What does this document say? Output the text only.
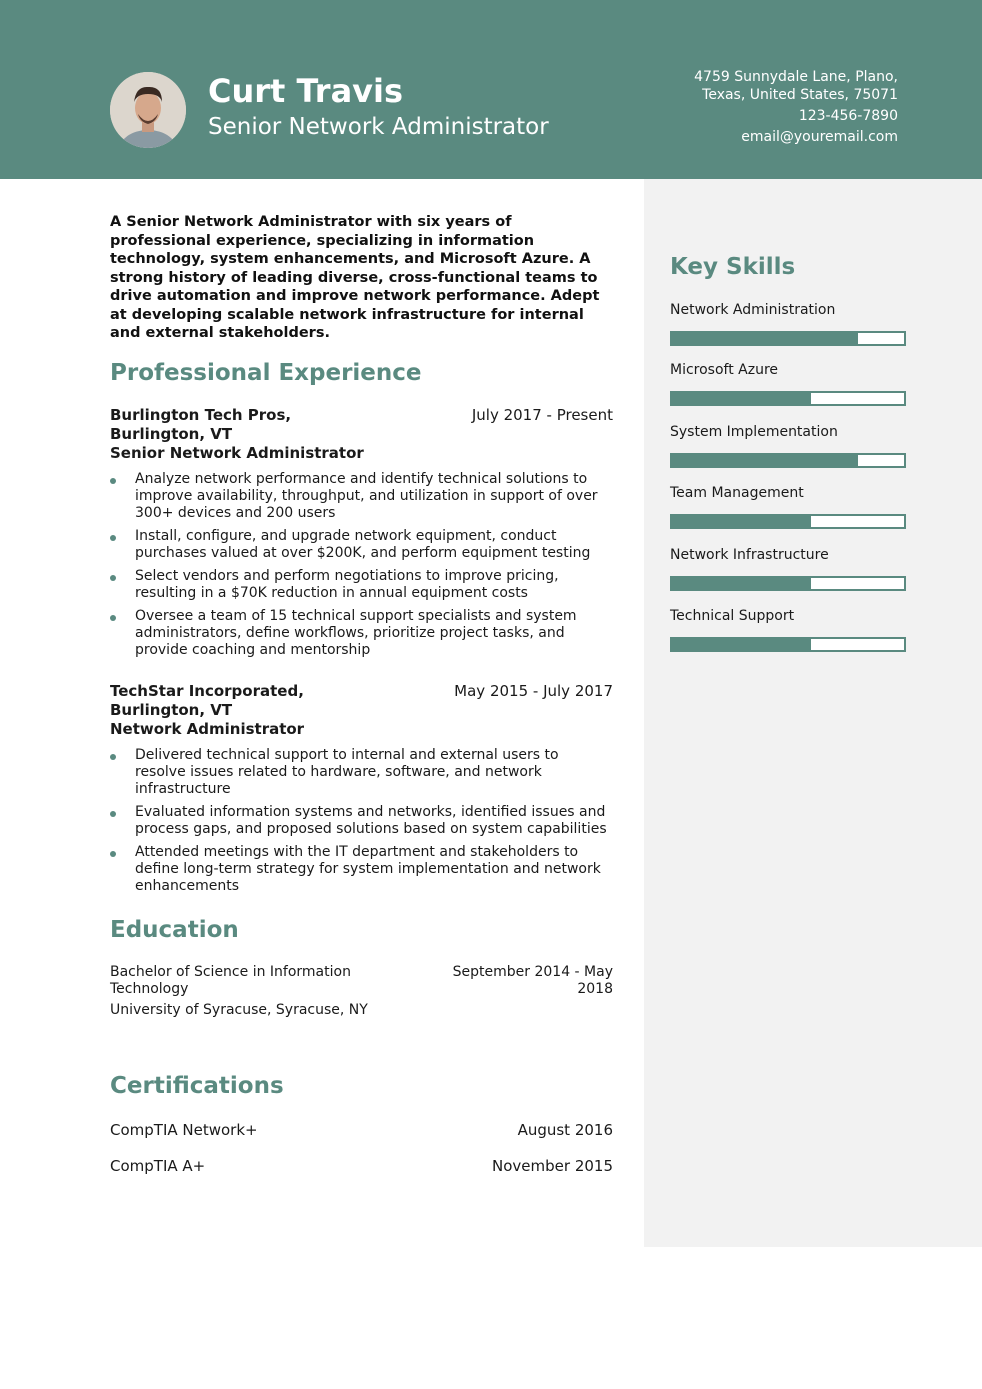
Curt Travis
Senior Network Administrator
4759 Sunnydale Lane, Plano, Texas, United States, 75071
123-456-7890
email@youremail.com
A Senior Network Administrator with six years of professional experience, specializing in information technology, system enhancements, and Microsoft Azure. A strong history of leading diverse, cross-functional teams to drive automation and improve network performance. Adept at developing scalable network infrastructure for internal and external stakeholders.
Professional Experience
Burlington Tech Pros, Burlington, VT
July 2017 - Present
Senior Network Administrator
Analyze network performance and identify technical solutions to improve availability, throughput, and utilization in support of over 300+ devices and 200 users
Install, configure, and upgrade network equipment, conduct purchases valued at over $200K, and perform equipment testing
Select vendors and perform negotiations to improve pricing, resulting in a $70K reduction in annual equipment costs
Oversee a team of 15 technical support specialists and system administrators, define workflows, prioritize project tasks, and provide coaching and mentorship
TechStar Incorporated, Burlington, VT
May 2015 - July 2017
Network Administrator
Delivered technical support to internal and external users to resolve issues related to hardware, software, and network infrastructure
Evaluated information systems and networks, identified issues and process gaps, and proposed solutions based on system capabilities
Attended meetings with the IT department and stakeholders to define long-term strategy for system implementation and network enhancements
Education
Bachelor of Science in Information Technology
September 2014 - May 2018
University of Syracuse, Syracuse, NY
Certifications
CompTIA Network+	August 2016
CompTIA A+	November 2015
Key Skills
Network Administration
Microsoft Azure
System Implementation
Team Management
Network Infrastructure
Technical Support
